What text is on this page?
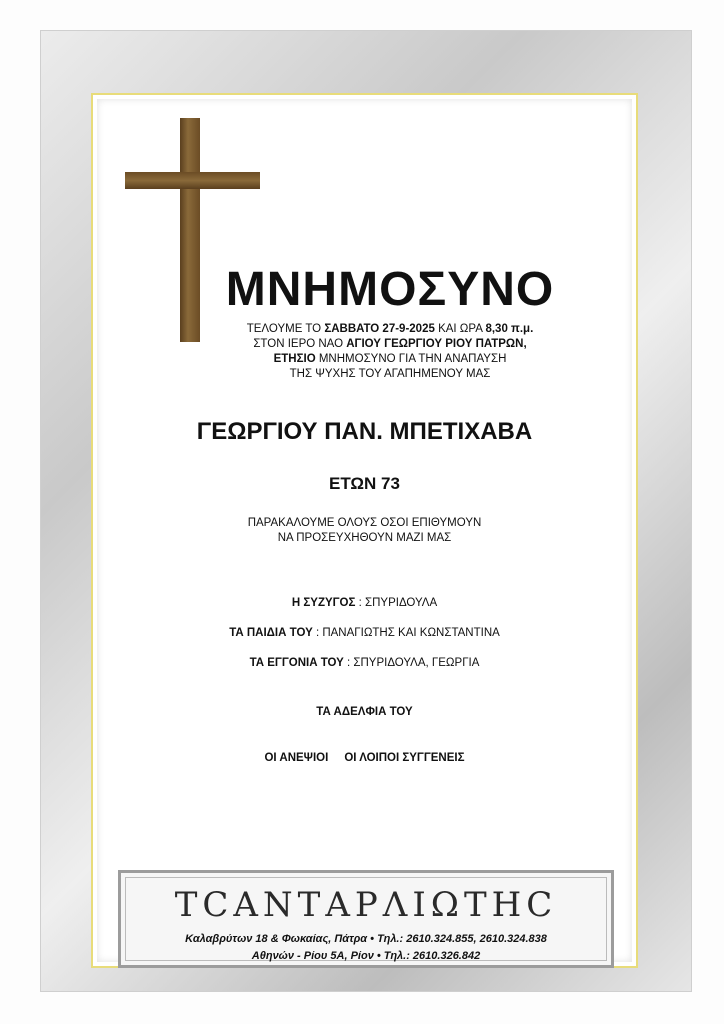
ΜΝΗΜΟΣΥΝΟ
ΤΕΛΟΥΜΕ ΤΟ ΣΑΒΒΑΤΟ 27-9-2025 ΚΑΙ ΩΡΑ 8,30 π.μ.
ΣΤΟΝ ΙΕΡΟ ΝΑΟ ΑΓΙΟΥ ΓΕΩΡΓΙΟΥ ΡΙΟΥ ΠΑΤΡΩΝ,
ΕΤΗΣΙΟ ΜΝΗΜΟΣΥΝΟ ΓΙΑ ΤΗΝ ΑΝΑΠΑΥΣΗ
ΤΗΣ ΨΥΧΗΣ ΤΟΥ ΑΓΑΠΗΜΕΝΟΥ ΜΑΣ
ΓΕΩΡΓΙΟΥ ΠΑΝ. ΜΠΕΤΙΧΑΒΑ
ΕΤΩΝ 73
ΠΑΡΑΚΑΛΟΥΜΕ ΟΛΟΥΣ ΟΣΟΙ ΕΠΙΘΥΜΟΥΝ
ΝΑ ΠΡΟΣΕΥΧΗΘΟΥΝ ΜΑΖΙ ΜΑΣ
Η ΣΥΖΥΓΟΣ : ΣΠΥΡΙΔΟΥΛΑ
ΤΑ ΠΑΙΔΙΑ ΤΟΥ : ΠΑΝΑΓΙΩΤΗΣ ΚΑΙ ΚΩΝΣΤΑΝΤΙΝΑ
ΤΑ ΕΓΓΟΝΙΑ ΤΟΥ : ΣΠΥΡΙΔΟΥΛΑ, ΓΕΩΡΓΙΑ
ΤΑ ΑΔΕΛΦΙΑ ΤΟΥ
ΟΙ ΑΝΕΨΙΟΙ ΟΙ ΛΟΙΠΟΙ ΣΥΓΓΕΝΕΙΣ
ΤCΑΝΤΑΡΛΙΩΤΗC
Καλαβρύτων 18 & Φωκαίας, Πάτρα • Τηλ.: 2610.324.855, 2610.324.838
Αθηνών - Ρίου 5Α, Ρίον • Τηλ.: 2610.326.842
